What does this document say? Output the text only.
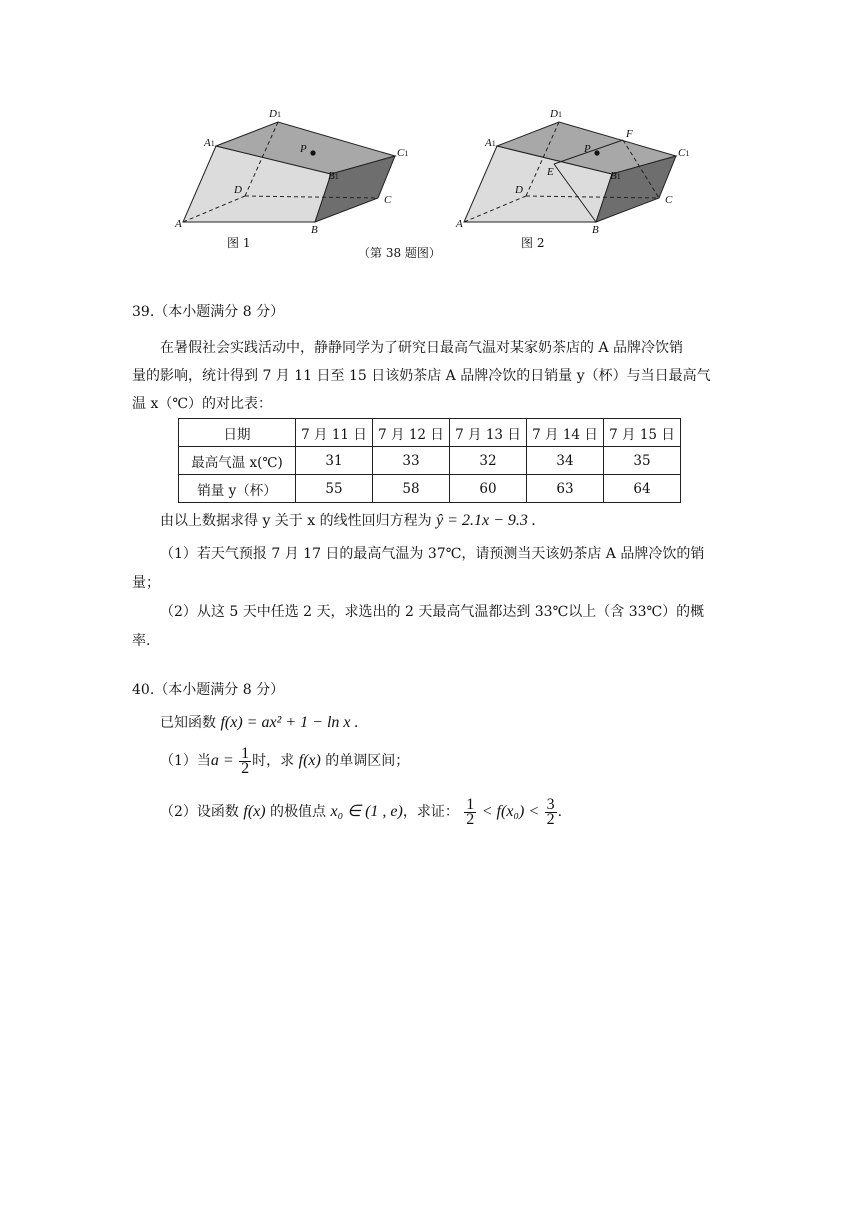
D1
A1	P	C1
B1
D
C
A	B
图 1
D1
F
A1	P	C1
E	B1
D
C
A	B
图 2
（第 38 题图）
39.（本小题满分 8 分）
在暑假社会实践活动中，静静同学为了研究日最高气温对某家奶茶店的 A 品牌冷饮销
量的影响，统计得到 7 月 11 日至 15 日该奶茶店 A 品牌冷饮的日销量 y（杯）与当日最高气
温 x（℃）的对比表：
日期	7 月 11 日	7 月 12 日	7 月 13 日	7 月 14 日	7 月 15 日
最高气温 x(℃)	31	33	32	34	35
销量 y（杯）	55	58	60	63	64
由以上数据求得 y 关于 x 的线性回归方程为 ŷ = 2.1x − 9.3 .
（1）若天气预报 7 月 17 日的最高气温为 37℃，请预测当天该奶茶店 A 品牌冷饮的销
量；
（2）从这 5 天中任选 2 天，求选出的 2 天最高气温都达到 33℃以上（含 33℃）的概
率.
40.（本小题满分 8 分）
已知函数 f(x) = ax² + 1 − ln x .
（1）当$a = \frac{1}{2}$ 时，求 f(x) 的单调区间；
（2）设函数 f(x) 的极值点 x₀ ∈ (1 , e)，求证： $\frac{1}{2} < f(x_0) < \frac{3}{2}$ .
